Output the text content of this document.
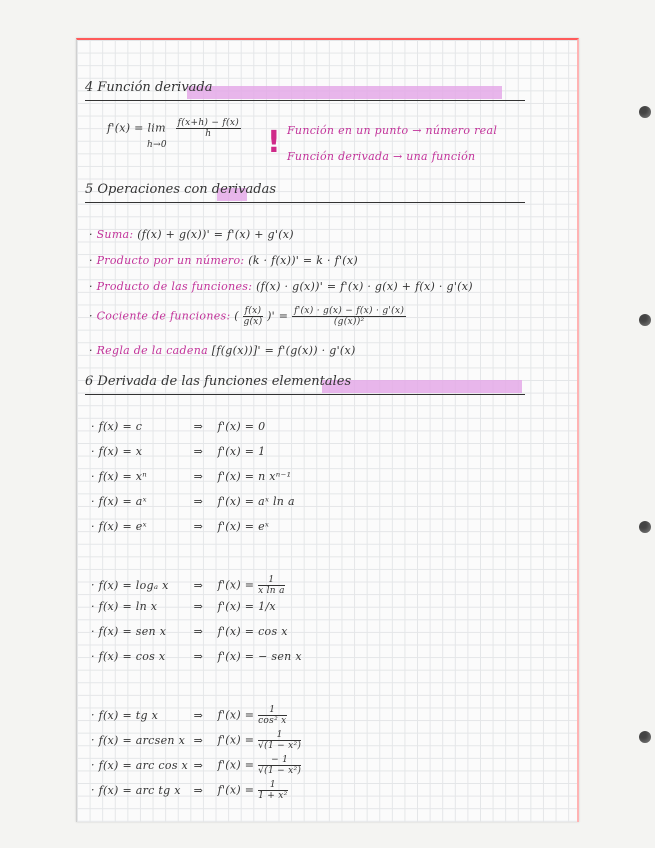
4 Función derivada
$f'(x) = \lim \frac{f(x+h) - f(x)}{h}$
h→0	! Función en un punto → número real
Función derivada → una función
5 Operaciones con derivadas
· Suma: (f(x) + g(x))' = f'(x) + g'(x)
· Producto por un número: (k · f(x))' = k · f'(x)
· Producto de las funciones: (f(x) · g(x))' = f'(x) · g(x) + f(x) · g'(x)
· Cociente de funciones: ( $\frac{f(x)}{g(x)}$ )' = $\frac{f'(x) \cdot g(x) - f(x) \cdot g'(x)}{\text{(g(x))²}}$
· Regla de la cadena [f(g(x))]' = f'(g(x)) · g'(x)
6 Derivada de las funciones elementales
· f(x) = c	⇒ f'(x) = 0
· f(x) = x	⇒ f'(x) = 1
· f(x) = xⁿ	⇒ f'(x) = n xⁿ⁻¹
· f(x) = aˣ	⇒ f'(x) = aˣ ln a
· f(x) = eˣ	⇒ f'(x) = eˣ
· f(x) = logₐ x ⇒ $f'(x) = \frac{1}{\text{x ln a}}$
· f(x) = ln x	⇒ f'(x) = 1/x
· f(x) = sen x ⇒ f'(x) = cos x
· f(x) = cos x	⇒ f'(x) = − sen x
· f(x) = tg x	⇒ $f'(x) = \frac{1}{\text{cos² x}}$
· f(x) = arcsen x ⇒ $f'(x) = \frac{1}{\text{√(1 − x²)}}$
· f(x) = arc cos x ⇒ $f'(x) = \frac{- 1}{\text{√(1 − x²)}}$
· f(x) = arc tg x ⇒ $f'(x) = \frac{1}{\text{1 + x²}}$
